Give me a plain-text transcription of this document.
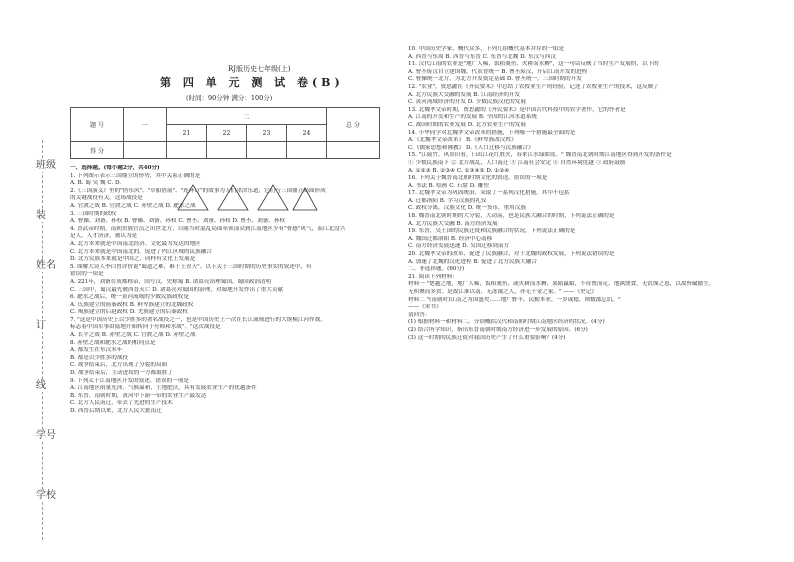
班级
装
姓名
订
线
学号
学校
RJ版历史七年级(上)
第 四 单 元 测 试 卷(B)
(时间：90分钟 满分：100分)
题 号	一	二				总 分
		21	22	23	24	
得 分						
一、选择题。(每小题2分，共40分)
1. 下列图示表示三国鼎立的形势，其中关系正确的是
A. B. 蜀 吴 魏 C. D.
2.《三国演义》里的"借东风"、"草船借箭"、"连环计"的故事为人们津津乐道，它们与三国鼎立局面形成
的关键战役有关，这场战役是
A. 官渡之战 B. 官渡之战 C. 赤壁之战 D. 淝水之战
3. 三国时期的政权
A. 曹操、刘备、孙权 B. 曹操、刘备、孙权 C. 曹丕、刘备、孙权 D. 曹丕、刘备、孙权
4. 晋武帝时期，南朝贵族官员之出世北方，目睹当时混乱局面率领部众到江南地区少有"骨感"风气，而江北没兴
是人，人才济济，被认为是
A. 北方本来就是中国南北经济、文化最为发达的地区
C. 北方本来就是中国南北的，促进了内江区域的民族融合
D. 北方民族本来就是中国之，同样有文化上发展是
5. 图解大诗人李白曾评价说"蜀道之难，难于上青天"。以下关于三国时期的历史事实的叙述中，有
错误的一项是
A. 221年，刘备在成都称帝，国号汉，史称蜀 B. 诸葛亮治理蜀国，蜀国政治清明
C. 三国中，蜀汉最先被西晋灭亡 D. 诸葛亮对蜀国的治理，对蜀地开发作出了重大贡献
6. 淝水之战后，统一黄河流域的少数民族政权是
A. 氐族建立的前秦政权 B. 鲜卑族建立的北魏政权
C. 羯族建立的后赵政权 D. 羌族建立的后秦政权
7. "这是中国历史上以少胜多的著名战役之一，也是中国历史上一次在长江流域进行的大规模江河作战，
标志着中国军事由陆地开始转向于舟师和水战"。"这次战役是
A. 长平之战 B. 赤壁之战 C. 官渡之战 D. 赤壁之战
8. 赤壁之战和淝水之战的相同点是
A. 都发生在东汉末年
B. 都是以少胜多的战役
C. 战争结束后，北方出现了分裂的局面
D. 战争结束后，主动进攻的一方都取胜了
9. 下列关于江南地区开发的叙述，错误的一项是
A. 江南地区雨量充沛，气候温和，土地肥沃，具有发展农业生产的优越条件
B. 东晋、南朝时期，黄河中下游一带的农业生产最发达
C. 北方人民南迁，带去了先进的生产技术
D. 西晋后期以来，北方人民大批南迁
10. 中国历史学家，概代众多，下列几组概代基本并存的一组是
A. 西晋与东周 B. 西晋与东晋 C. 东晋与北魏 D. 东汉与西汉
11. 汉代江南的农业是"地广人稀，饭稻羹鱼，火耕而水耨"，这一句话反映了当时生产发展的，以下的
A. 曹丕废汉自立建国魏，代表晋统一 B. 曹丕废汉，开启江南开发的进程
C. 曹操统一北方，为北方开发奠定基础 D. 曹丕统一，三国时期的开发
12. "农业"，贾思勰在《齐民要术》中总结了农牧业生产的经验，记述了农牧业生产的技术，这反映了
A. 北方民族大交融的发展 B. 江南经济的开发
C. 黄河流域经济的开发 D. 少数民族汉化的发展
13. 北魏孝文帝时期，贾思勰的《齐民要术》是中国古代科技中的农学著作，它的作者是
A. 江南的开发和生产的发展 B. 全国的江河水道系统
C. 战国时期的农业发展 D. 北方农业生产的发展
14. 小华同学对北魏孝文帝改革的措施，下列哪一个措施最全面的是
A.《北魏孝文帝改革》 B.《鲜卑族改汉姓》
C.《儒家思想和佛教》 D.《人口迁移与民族融合》
15. "江陵竹，风景旧看，曰出江花红胜火，春来江水绿如蓝。" 魏晋南北朝时期江南地区得到开发的条件是
① 少数民族南下 ② 北方战乱，人口南迁 ③ 江南社会安定 ④ 自然环境优越 ⑤ 政府鼓励
A. ①②③ B. ②③④ C. ①③④⑤ D. ①②④
16. 下列关于魏晋南北朝时期文化的叙述，错误的一项是
A. 书法 B. 绘画 C. 石窟 D. 雕塑
17. 北魏孝文帝为巩固统治，采取了一系列汉化措施，其中不包括
A. 迁都洛阳 B. 学习汉族的礼仪
C. 政权分离，汉族文化 D. 统一货币，重用汉族
18. 魏晋南北朝时期的大分裂，大动荡，也是民族大融合的时期，下列说法正确的是
A. 北方民族大交融 B. 南方经济发展
19. 东晋，吴王国的民族迁徙和民族融合的状况，下列说法正确的是
A. 魏国迁都洛阳 B. 经济中心南移
C. 南方经济发展迅速 D. 吴国迁移到南方
20. 北魏孝文帝的改革，促进了民族融合，对于北魏的政权发展，下列说法错误的是
A. 加速了北魏的汉化进程 B. 促进了北方民族大融合
二、非选择题。(60分)
21. 阅读下列材料：
材料一 "楚越之地，地广人稀，饭稻羹鱼，或火耕而水耨，果隋蠃蛤，不待贾而足，地埶饶食，无饥馑之患，以故呰窳偷生，
无积聚而多贫。是故江淮以南，无冻饿之人，亦无千金之家。" ——《史记》
材料二 "(南朝时)江南之为国盛矣……地广野丰，民勤本业，一岁或稔，则数郡忘饥。"
——《宋书》
请回答：
(1) 根据材料一和材料二，分别概括汉代和南朝时期江南地区经济的状况。(4分)
(2) 结合所学知识，指出东晋南朝时期南方经济进一步发展的原因。(6分)
(3) 这一时期的民族迁徙对我国历史产生了什么重要影响？(4分)
